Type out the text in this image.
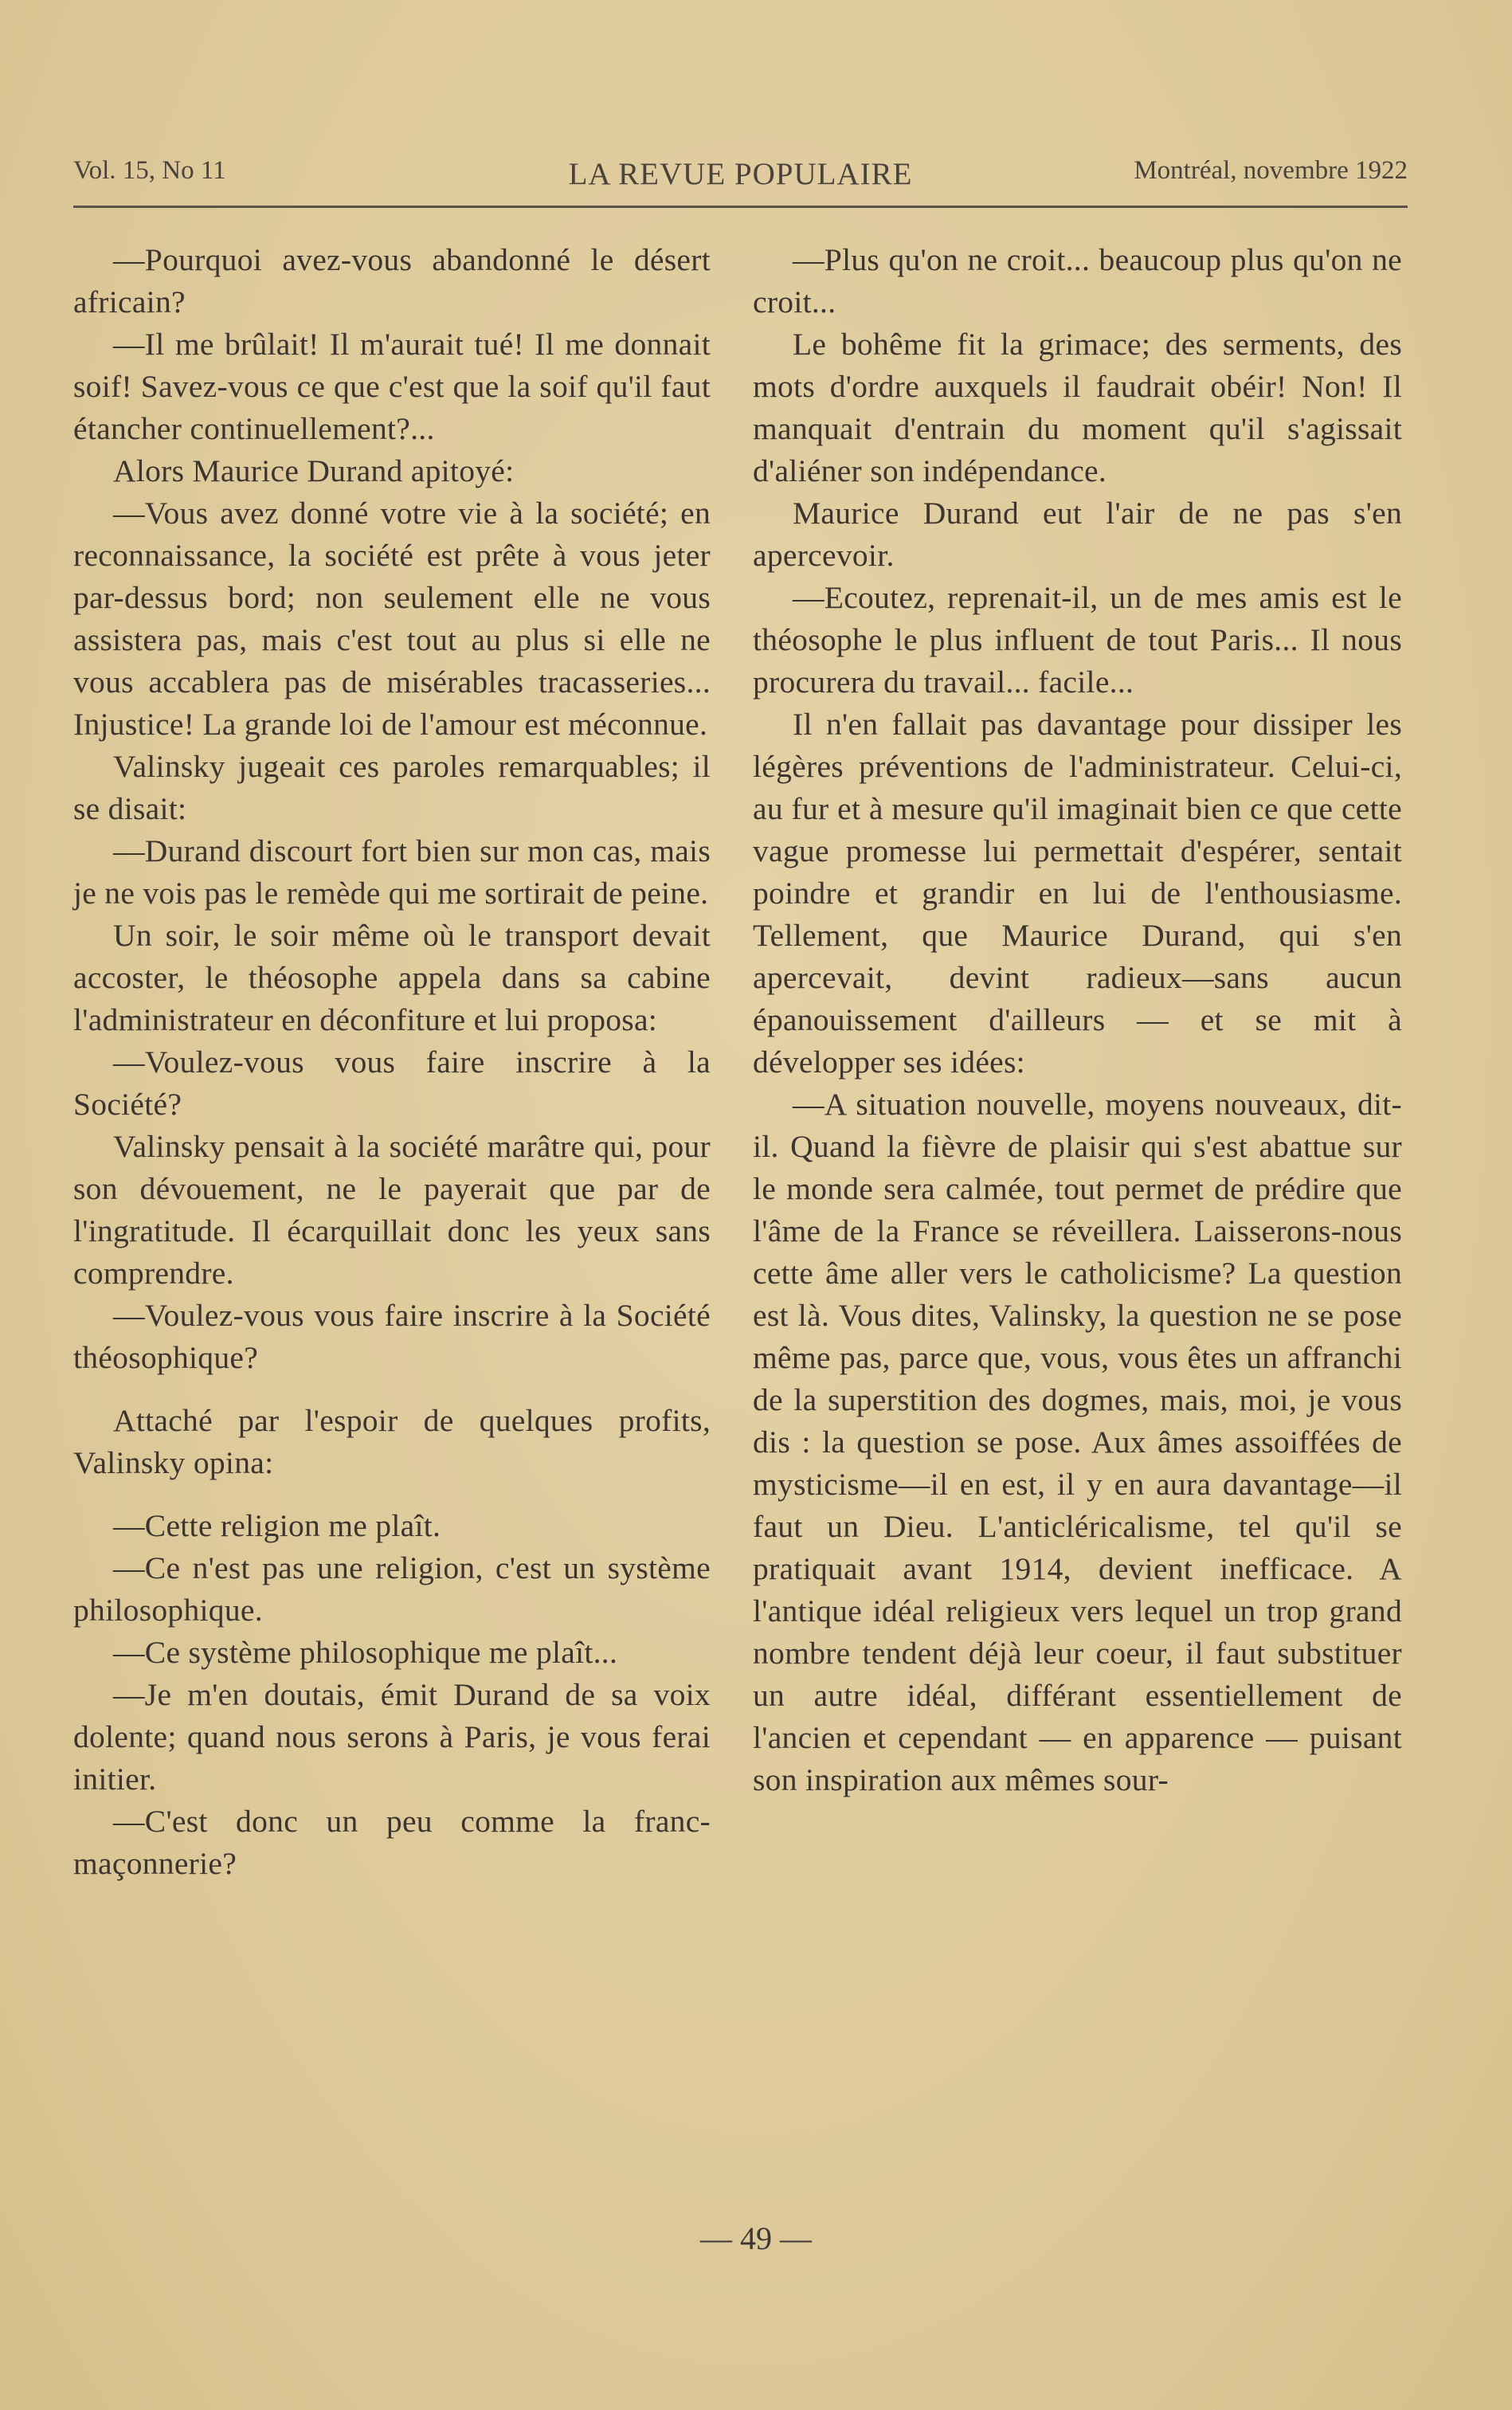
LA REVUE POPULAIRE
Vol. 15, No 11	Montréal, novembre 1922

—Pourquoi avez-vous abandonné le désert africain?

—Il me brûlait! Il m'aurait tué! Il me donnait soif! Savez-vous ce que c'est que la soif qu'il faut étancher continuellement?...

Alors Maurice Durand apitoyé:

—Vous avez donné votre vie à la société; en reconnaissance, la société est prête à vous jeter par-dessus bord; non seulement elle ne vous assistera pas, mais c'est tout au plus si elle ne vous accablera pas de misérables tracasseries... Injustice! La grande loi de l'amour est méconnue.

Valinsky jugeait ces paroles remarquables; il se disait:

—Durand discourt fort bien sur mon cas, mais je ne vois pas le remède qui me sortirait de peine.

Un soir, le soir même où le transport devait accoster, le théosophe appela dans sa cabine l'administrateur en déconfiture et lui proposa:

—Voulez-vous vous faire inscrire à la Société?

Valinsky pensait à la société marâtre qui, pour son dévouement, ne le payerait que par de l'ingratitude. Il écarquillait donc les yeux sans comprendre.

—Voulez-vous vous faire inscrire à la Société théosophique?

Attaché par l'espoir de quelques profits, Valinsky opina:

—Cette religion me plaît.

—Ce n'est pas une religion, c'est un système philosophique.

—Ce système philosophique me plaît...

—Je m'en doutais, émit Durand de sa voix dolente; quand nous serons à Paris, je vous ferai initier.

—C'est donc un peu comme la franc-maçonnerie?

—Plus qu'on ne croit... beaucoup plus qu'on ne croit...

Le bohême fit la grimace; des serments, des mots d'ordre auxquels il faudrait obéir! Non! Il manquait d'entrain du moment qu'il s'agissait d'aliéner son indépendance.

Maurice Durand eut l'air de ne pas s'en apercevoir.

—Ecoutez, reprenait-il, un de mes amis est le théosophe le plus influent de tout Paris... Il nous procurera du travail... facile...

Il n'en fallait pas davantage pour dissiper les légères préventions de l'administrateur. Celui-ci, au fur et à mesure qu'il imaginait bien ce que cette vague promesse lui permettait d'espérer, sentait poindre et grandir en lui de l'enthousiasme. Tellement, que Maurice Durand, qui s'en apercevait, devint radieux—sans aucun épanouissement d'ailleurs — et se mit à développer ses idées:

—A situation nouvelle, moyens nouveaux, dit-il. Quand la fièvre de plaisir qui s'est abattue sur le monde sera calmée, tout permet de prédire que l'âme de la France se réveillera. Laisserons-nous cette âme aller vers le catholicisme? La question est là. Vous dites, Valinsky, la question ne se pose même pas, parce que, vous, vous êtes un affranchi de la superstition des dogmes, mais, moi, je vous dis : la question se pose. Aux âmes assoiffées de mysticisme—il en est, il y en aura davantage—il faut un Dieu. L'anticléricalisme, tel qu'il se pratiquait avant 1914, devient inefficace. A l'antique idéal religieux vers lequel un trop grand nombre tendent déjà leur coeur, il faut substituer un autre idéal, différant essentiellement de l'ancien et cependant — en apparence — puisant son inspiration aux mêmes sour-

— 49 —
